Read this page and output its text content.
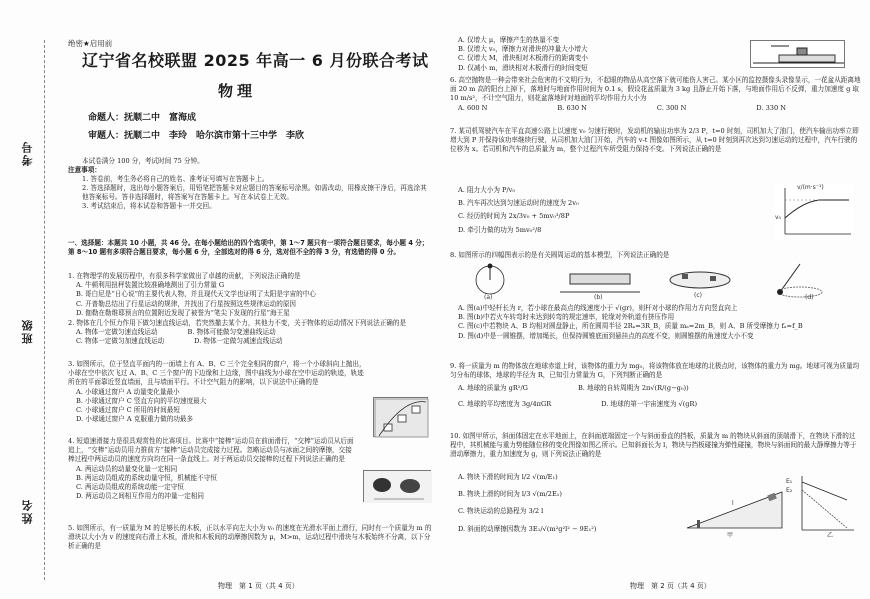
考号
班级
姓名
绝密★启用前
辽宁省名校联盟 2025 年高一 6 月份联合考试
物理
命题人：抚顺二中　富海成
审题人：抚顺二中　李玲　哈尔滨市第十三中学　李欣
本试卷满分 100 分，考试时间 75 分钟。
注意事项：
1. 答卷前，考生务必将自己的姓名、准考证号填写在答题卡上。
2. 答选择题时，选出每小题答案后，用铅笔把答题卡对应题目的答案标号涂黑。如需改动，用橡皮擦干净后，再选涂其他答案标号。答非选择题时，将答案写在答题卡上。写在本试卷上无效。
3. 考试结束后，将本试卷和答题卡一并交回。
一、选择题：本题共 10 小题，共 46 分。在每小题给出的四个选项中，第 1～7 题只有一项符合题目要求，每小题 4 分；第 8～10 题有多项符合题目要求，每小题 6 分，全部选对的得 6 分，选对但不全的得 3 分，有选错的得 0 分。
1. 在物理学的发展历程中，有很多科学家做出了卓越的贡献，下列说法正确的是
A. 牛顿利用扭秤装置比较准确地测出了引力常量 G
B. 哥白尼是“日心说”的主要代表人物，并且现代天文学也证明了太阳是宇宙的中心
C. 开普勒总结出了行星运动的规律，并找出了行星按照这些规律运动的原因
D. 伽勒在勒维耶预言的位置附近发现了被誉为“笔尖下发现的行星”海王星
2. 物体在几个恒力作用下做匀速直线运动，若突然撤去某个力，其他力不变，关于物体的运动情况下列说法正确的是
A. 物体一定做匀速直线运动	B. 物体可能做匀变速曲线运动
C. 物体一定做匀加速直线运动	D. 物体一定做匀减速直线运动
3. 如图所示，位于竖直平面内的一面墙上有 A、B、C 三个完全相同的窗户，将一个小球斜向上抛出，小球在空中依次飞过 A、B、C 三个窗户的下边缘和上边缘，图中曲线为小球在空中运动的轨迹，轨迹所在的平面靠近竖直墙面，且与墙面平行。不计空气阻力的影响，以下说法中正确的是
A. 小球通过窗户 A 动量变化量最小
B. 小球通过窗户 C 竖直方向的平均速度最大
C. 小球通过窗户 C 所用的时间最短
D. 小球通过窗户 A 克服重力做的功最多
4. 短道速滑接力是很具观赏性的比赛项目。比赛中“接棒”运动员在前面滑行，“交棒”运动员从后面追上，“交棒”运动员用力推前方“接棒”运动员完成接力过程。忽略运动员与冰面之间的摩擦，交接棒过程中两运动员的速度方向均在同一条直线上。对于两运动员交接棒的过程下列说法正确的是
A. 两运动员的动量变化量一定相同
B. 两运动员组成的系统动量守恒，机械能不守恒
C. 两运动员组成的系统动能一定守恒
D. 两运动员之间相互作用力的冲量一定相同
5. 如图所示，有一质量为 M 的足够长的木板，正以水平向左大小为 v₀ 的速度在光滑水平面上滑行，同时有一个质量为 m 的滑块以大小为 v 的速度向右滑上木板，滑块和木板间的动摩擦因数为 μ，M>m，运动过程中滑块与木板始终不分离，以下分析正确的是
物理　第 1 页（共 4 页）
A. 仅增大 μ，摩擦产生的热量不变
B. 仅增大 v₀，摩擦力对滑块的冲量大小增大
C. 仅增大 M，滑块相对木板滑行的距离变小
D. 仅减小 m，滑块相对木板滑行的时间变短
6. 高空抛物是一种会带来社会危害的不文明行为，不起眼的物品从高空落下就可能伤人害己。某小区的监控摄像头录像显示，一花盆从距离地面 20 m 高的阳台上掉下，落地时与地面作用时间为 0.1 s，假设花盆质量为 3 kg 且静止开始下落，与地面作用后不反弹，重力加速度 g 取 10 m/s²，不计空气阻力，则花盆落地时对地面的平均作用力大小为
A. 600 N	B. 630 N	C. 300 N	D. 330 N
7. 某司机驾驶汽车在平直高速公路上以速度 v₀ 匀速行驶时，发动机的输出功率为 2/3 P，t=0 时刻，司机加大了油门，使汽车输出功率立即增大到 P 并保持该功率继续行驶，从司机加大油门开始，汽车的 v-t 图像如图所示，从 t=0 时刻到再次达到匀速运动的过程中，汽车行驶的位移为 x。若司机和汽车的总质量为 m，整个过程汽车所受阻力保持不变。下列说法正确的是
A. 阻力大小为 P/v₀
B. 汽车再次达到匀速运动时的速度为 2v₀
C. 经历的时间为 2x/3v₀ + 5mv₀³/8P
D. 牵引力做的功为 5mv₀²/8
v/(m·s⁻¹)
v₀
8. 如图所示的四幅图表示的是有关圆周运动的基本模型，下列说法正确的是
(a)	(b)	(c)	(d)
A. 图(a)中轻杆长为 r，若小球在最高点的线速度小于 √(gr)，则杆对小球的作用力方向竖直向上
B. 图(b)中若火车转弯时未达到转弯的规定速率，轮缘对外轨道有挤压作用
C. 图(c)中若物块 A、B 均相对圆盘静止，所在圆周半径 2Rₐ=3R_B，质量 mₐ=2m_B，则 A、B 所受摩擦力 fₐ=f_B
D. 图(d)中是一圆锥摆，增加绳长，但保持圆锥底面到悬挂点的高度不变，则圆锥摆的角速度大小不变
9. 将一质量为 m 的物体放在地球赤道上时，该物体的重力为 mg₀，将该物体放在地球的北极点时，该物体的重力为 mg。地球可视为质量均匀分布的球体，地球的半径为 R，已知引力常量为 G，下列判断正确的是
A. 地球的质量为 gR²/G	B. 地球的自转周期为 2π√(R/(g−g₀))
C. 地球的平均密度为 3g/4πGR	D. 地球的第一宇宙速度为 √(gR)
10. 如图甲所示，斜面体固定在水平地面上，在斜面底端固定一个与斜面垂直的挡板，质量为 m 的物块从斜面的顶端滑下，在物块下滑的过程中，其机械能与重力势能随位移的变化图像如图乙所示。已知斜面长为 l，物块与挡板碰撞为弹性碰撞，物块与斜面间的最大静摩擦力等于滑动摩擦力，重力加速度为 g，则下列说法正确的是
A. 物块下滑的时间为 l/2 √(m/E₁)
B. 物块上滑的时间为 l/3 √(m/2E₁)
C. 物块运动的总路程为 3/2 l
D. 斜面的动摩擦因数为 3E₁/√(m²g²l² − 9E₁²)
l
甲
E₁
E₂
乙
物理　第 2 页（共 4 页）
